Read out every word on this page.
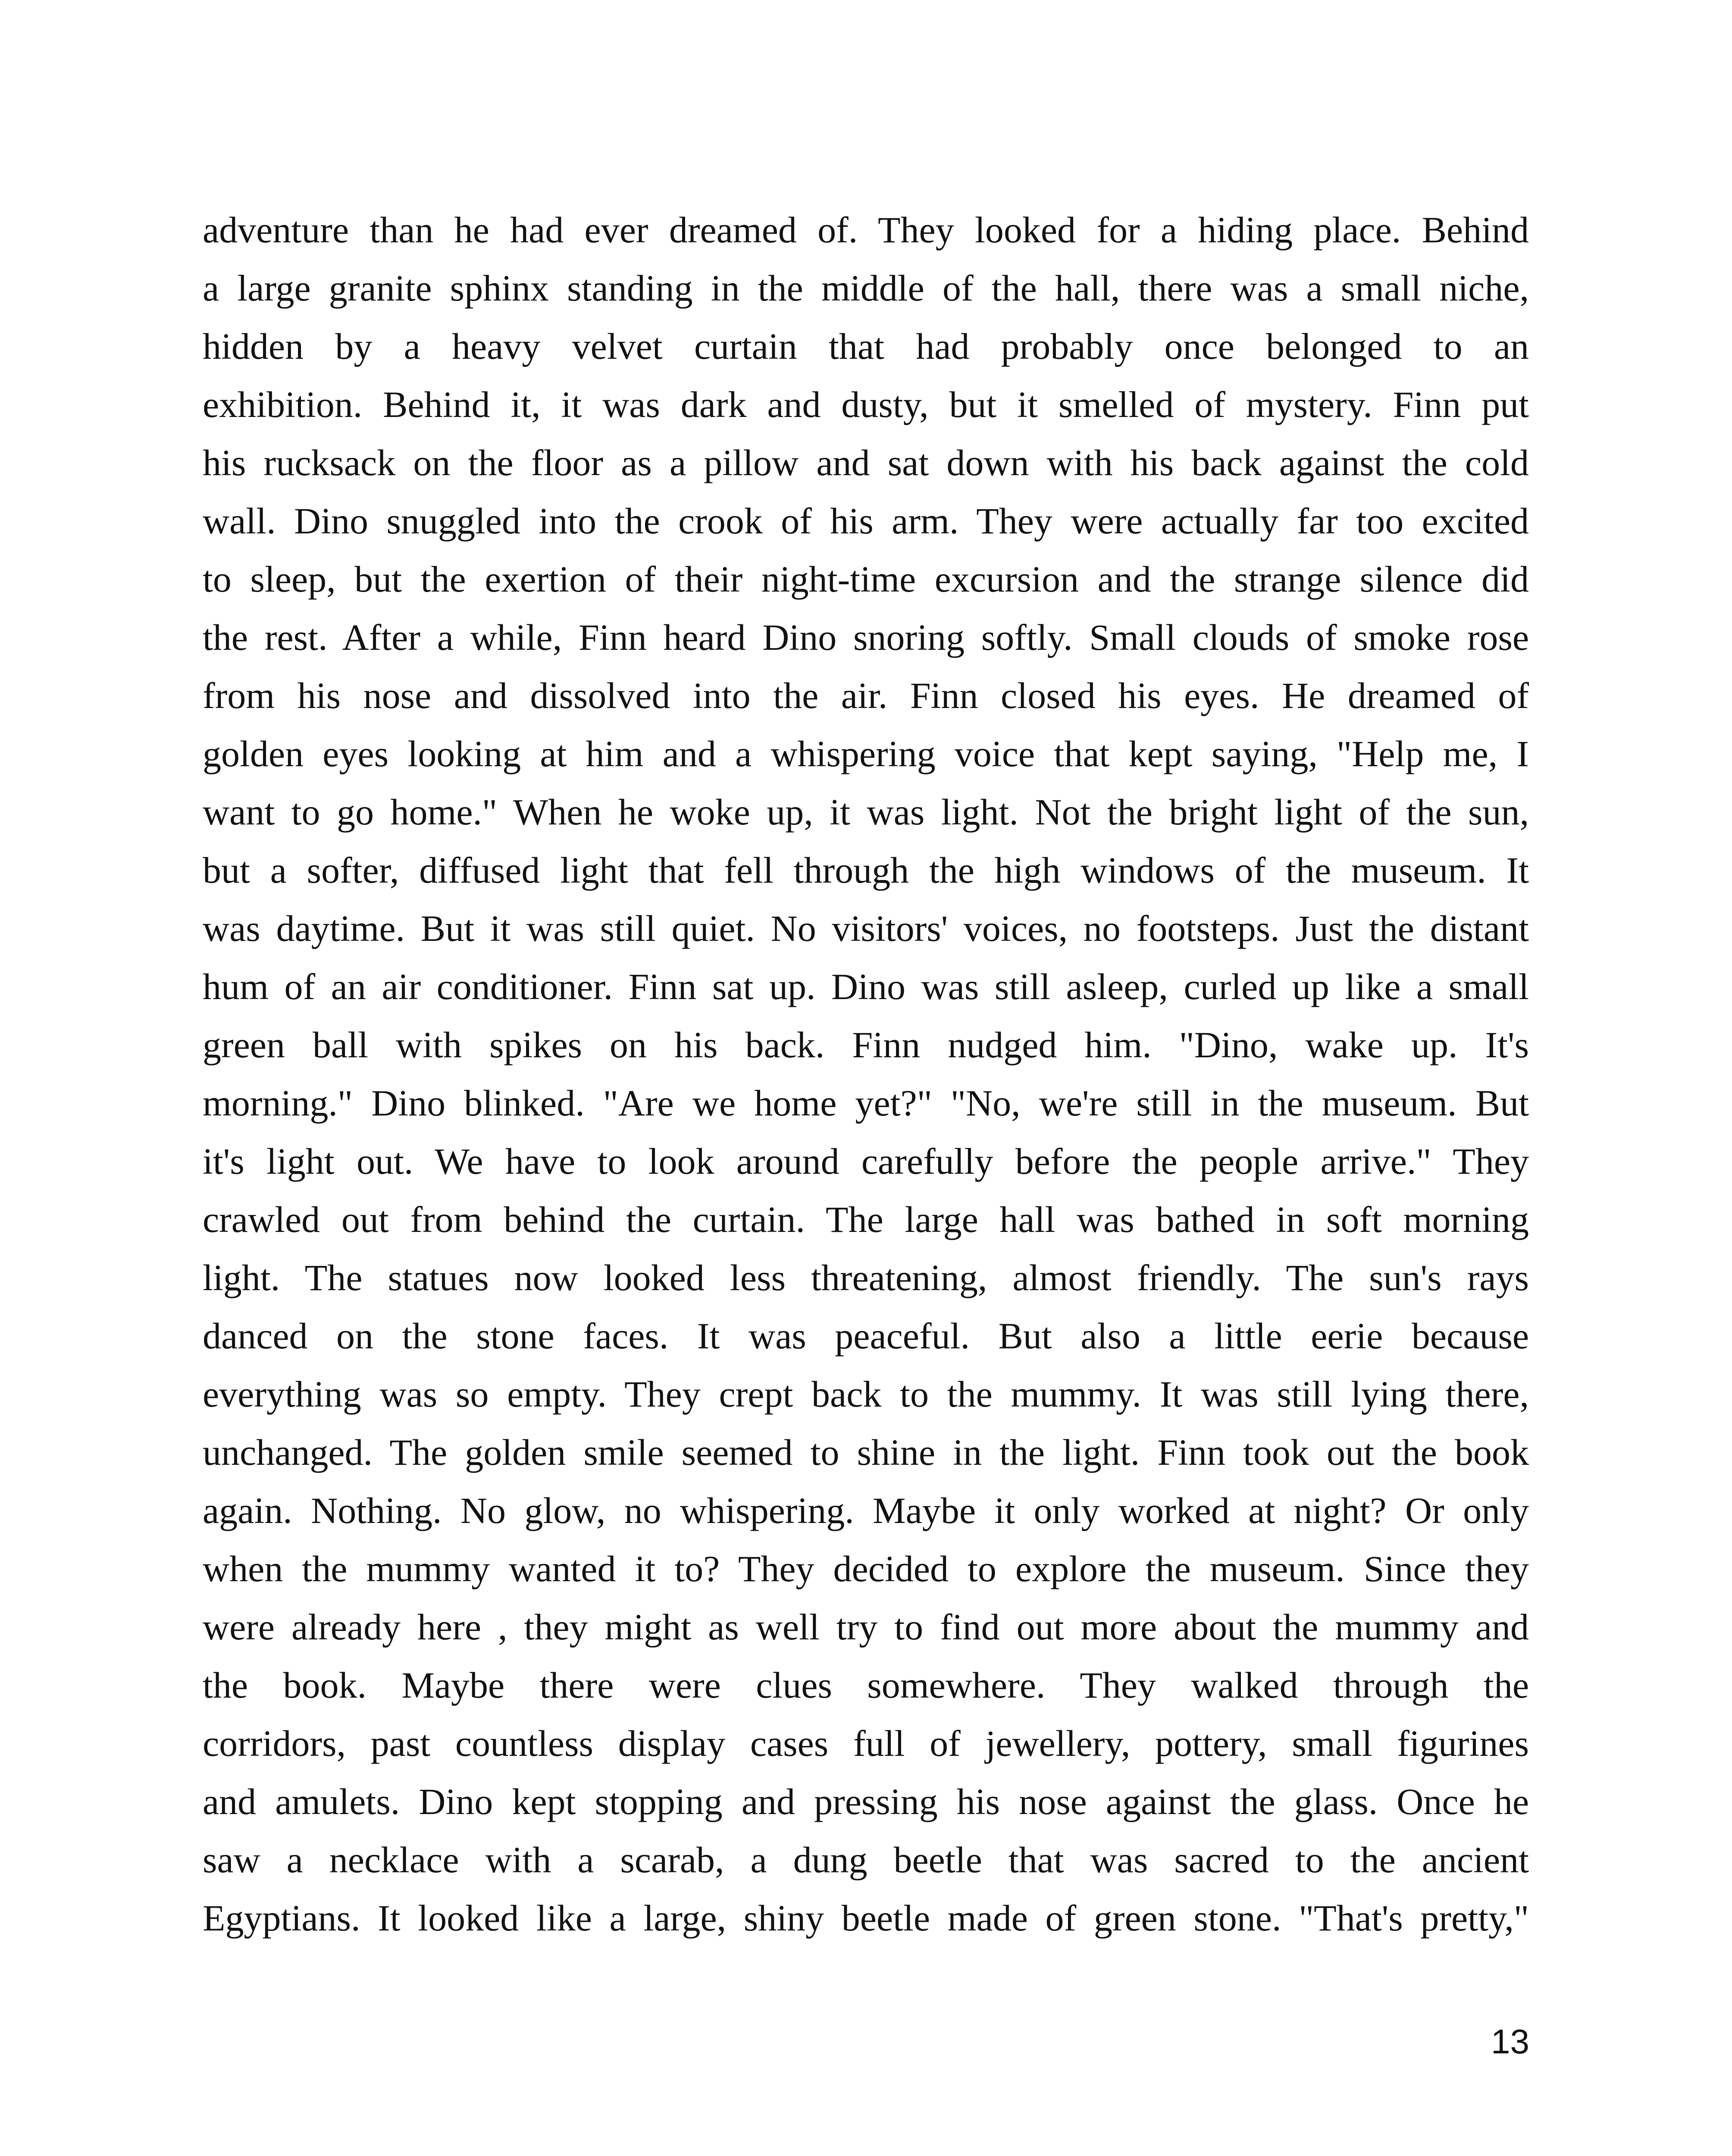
adventure than he had ever dreamed of. They looked for a hiding place. Behind
a large granite sphinx standing in the middle of the hall, there was a small niche,
hidden by a heavy velvet curtain that had probably once belonged to an
exhibition. Behind it, it was dark and dusty, but it smelled of mystery. Finn put
his rucksack on the floor as a pillow and sat down with his back against the cold
wall. Dino snuggled into the crook of his arm. They were actually far too excited
to sleep, but the exertion of their night-time excursion and the strange silence did
the rest. After a while, Finn heard Dino snoring softly. Small clouds of smoke rose
from his nose and dissolved into the air. Finn closed his eyes. He dreamed of
golden eyes looking at him and a whispering voice that kept saying, "Help me, I
want to go home." When he woke up, it was light. Not the bright light of the sun,
but a softer, diffused light that fell through the high windows of the museum. It
was daytime. But it was still quiet. No visitors' voices, no footsteps. Just the distant
hum of an air conditioner. Finn sat up. Dino was still asleep, curled up like a small
green ball with spikes on his back. Finn nudged him. "Dino, wake up. It's
morning." Dino blinked. "Are we home yet?" "No, we're still in the museum. But
it's light out. We have to look around carefully before the people arrive." They
crawled out from behind the curtain. The large hall was bathed in soft morning
light. The statues now looked less threatening, almost friendly. The sun's rays
danced on the stone faces. It was peaceful. But also a little eerie because
everything was so empty. They crept back to the mummy. It was still lying there,
unchanged. The golden smile seemed to shine in the light. Finn took out the book
again. Nothing. No glow, no whispering. Maybe it only worked at night? Or only
when the mummy wanted it to? They decided to explore the museum. Since they
were already here , they might as well try to find out more about the mummy and
the book. Maybe there were clues somewhere. They walked through the
corridors, past countless display cases full of jewellery, pottery, small figurines
and amulets. Dino kept stopping and pressing his nose against the glass. Once he
saw a necklace with a scarab, a dung beetle that was sacred to the ancient
Egyptians. It looked like a large, shiny beetle made of green stone. "That's pretty,"
13
